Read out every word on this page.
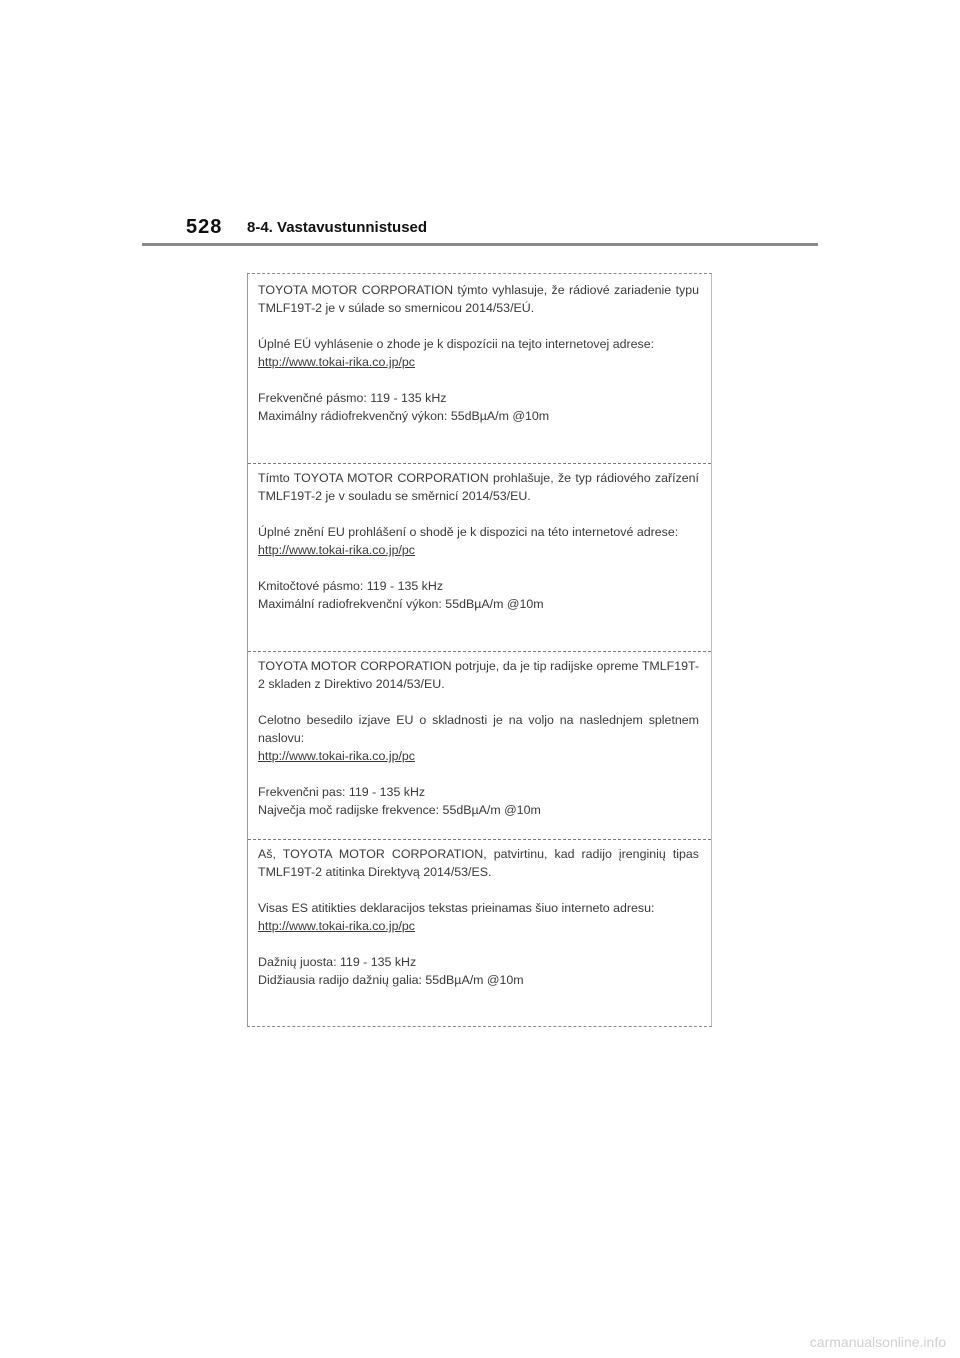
528 8-4. Vastavustunnistused

TOYOTA MOTOR CORPORATION týmto vyhlasuje, že rádiové zariadenie typu TMLF19T-2 je v súlade so smernicou 2014/53/EÚ.

Úplné EÚ vyhlásenie o zhode je k dispozícii na tejto internetovej adrese:

http://www.tokai-rika.co.jp/pc
Frekvenčné pásmo: 119 - 135 kHz
Maximálny rádiofrekvenčný výkon: 55dBµA/m @10m

Tímto TOYOTA MOTOR CORPORATION prohlašuje, že typ rádiového zařízení TMLF19T-2 je v souladu se směrnicí 2014/53/EU.

Úplné znění EU prohlášení o shodě je k dispozici na této internetové adrese:

http://www.tokai-rika.co.jp/pc
Kmitočtové pásmo: 119 - 135 kHz
Maximální radiofrekvenční výkon: 55dBµA/m @10m

TOYOTA MOTOR CORPORATION potrjuje, da je tip radijske opreme TMLF19T-2 skladen z Direktivo 2014/53/EU.

Celotno besedilo izjave EU o skladnosti je na voljo na naslednjem spletnem naslovu:

http://www.tokai-rika.co.jp/pc
Frekvenčni pas: 119 - 135 kHz
Največja moč radijske frekvence: 55dBµA/m @10m

Aš, TOYOTA MOTOR CORPORATION, patvirtinu, kad radijo įrenginių tipas TMLF19T-2 atitinka Direktyvą 2014/53/ES.

Visas ES atitikties deklaracijos tekstas prieinamas šiuo interneto adresu:

http://www.tokai-rika.co.jp/pc
Dažnių juosta: 119 - 135 kHz
Didžiausia radijo dažnių galia: 55dBµA/m @10m
carmanualsonline.info
